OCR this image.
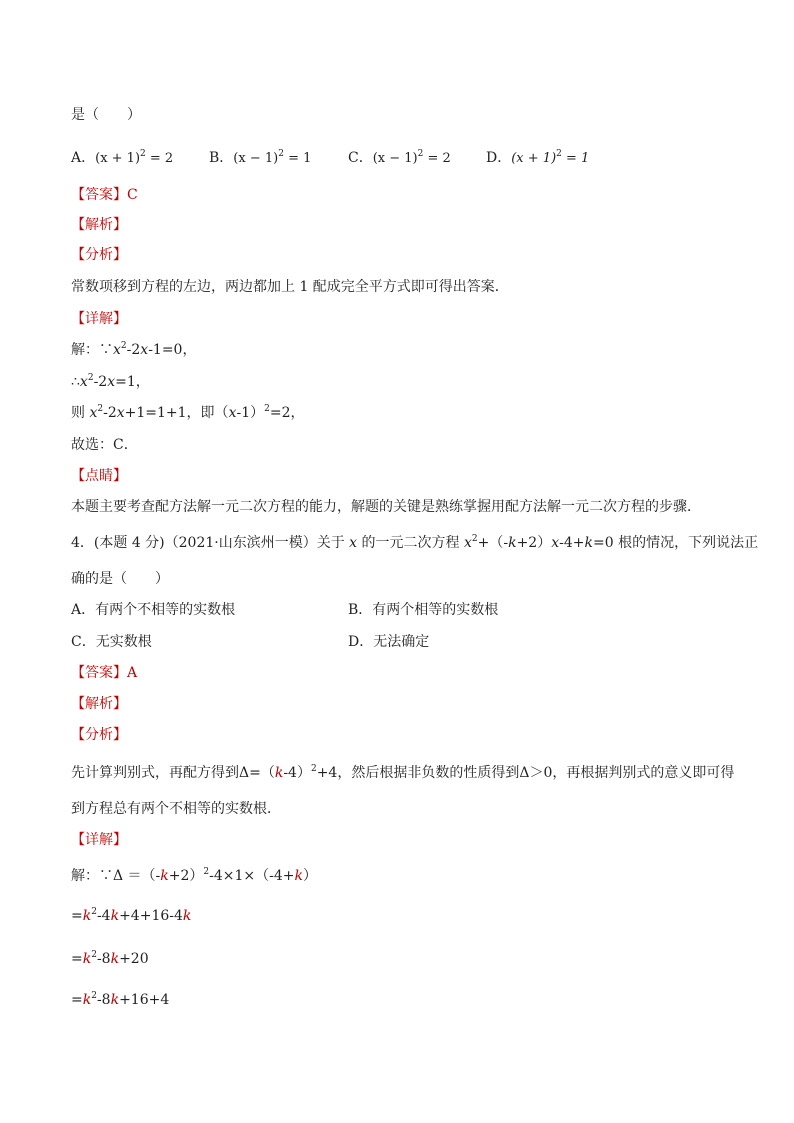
是（　　）
A．$(x + 1)^2 = 2$	B．$(x - 1)^2 = 1$	C．$(x - 1)^2 = 2$	D．$(x + 1)^2 = 1$
【答案】C
【解析】
【分析】
常数项移到方程的左边，两边都加上 1 配成完全平方式即可得出答案．
【详解】
解：$\because x^2-2x-1=0$，
$\therefore x^2-2x=1$，
则 $x^2-2x+1=1+1$，即$(x-1)^2=2$，
故选：C．
【点睛】
本题主要考查配方法解一元二次方程的能力，解题的关键是熟练掌握用配方法解一元二次方程的步骤．
4．(本题 4 分)（2021·山东滨州一模）关于 x 的一元二次方程 $x^2+(-k+2)x-4+k=0$ 根的情况，下列说法正
确的是（　　）
A．有两个不相等的实数根	B．有两个相等的实数根
C．无实数根	D．无法确定
【答案】A
【解析】
【分析】
先计算判别式，再配方得到$\Delta=(k-4)^2+4$，然后根据非负数的性质得到Δ＞0，再根据判别式的意义即可得
到方程总有两个不相等的实数根．
【详解】
解：∵Δ $=(-k+2)^2-4\times 1\times(-4+k)$
$=k^2-4k+4+16-4k$
$=k^2-8k+20$
$=k^2-8k+16+4$
